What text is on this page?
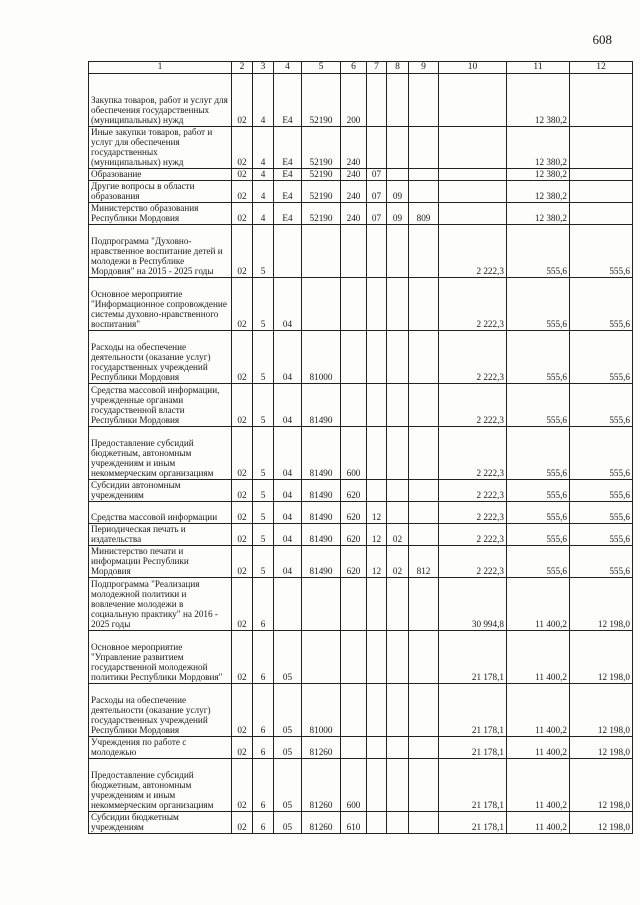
608
1	2	3	4	5	6	7	8	9	10	11	12
Закупка товаров, работ и услуг для обеспечения государственных (муниципальных) нужд	02	4	Е4	52190	200					12 380,2	
Иные закупки товаров, работ и услуг для обеспечения государственных (муниципальных) нужд	02	4	Е4	52190	240					12 380,2	
Образование	02	4	Е4	52190	240	07				12 380,2	
Другие вопросы в области образования	02	4	Е4	52190	240	07	09			12 380,2	
Министерство образования Республики Мордовия	02	4	Е4	52190	240	07	09	809		12 380,2	
Подпрограмма "Духовно-нравственное воспитание детей и молодежи в Республике Мордовия" на 2015 - 2025 годы	02	5							2 222,3	555,6	555,6
Основное мероприятие "Информационное сопровождение системы духовно-нравственного воспитания"	02	5	04						2 222,3	555,6	555,6
Расходы на обеспечение деятельности (оказание услуг) государственных учреждений Республики Мордовия	02	5	04	81000					2 222,3	555,6	555,6
Средства массовой информации, учрежденные органами государственной власти Республики Мордовия	02	5	04	81490					2 222,3	555,6	555,6
Предоставление субсидий бюджетным, автономным учреждениям и иным некоммерческим организациям	02	5	04	81490	600				2 222,3	555,6	555,6
Субсидии автономным учреждениям	02	5	04	81490	620				2 222,3	555,6	555,6
Средства массовой информации	02	5	04	81490	620	12			2 222,3	555,6	555,6
Периодическая печать и издательства	02	5	04	81490	620	12	02		2 222,3	555,6	555,6
Министерство печати и информации Республики Мордовия	02	5	04	81490	620	12	02	812	2 222,3	555,6	555,6
Подпрограмма "Реализация молодежной политики и вовлечение молодежи в социальную практику" на 2016 - 2025 годы	02	6							30 994,8	11 400,2	12 198,0
Основное мероприятие "Управление развитием государственной молодежной политики Республики Мордовия"	02	6	05						21 178,1	11 400,2	12 198,0
Расходы на обеспечение деятельности (оказание услуг) государственных учреждений Республики Мордовия	02	6	05	81000					21 178,1	11 400,2	12 198,0
Учреждения по работе с молодежью	02	6	05	81260					21 178,1	11 400,2	12 198,0
Предоставление субсидий бюджетным, автономным учреждениям и иным некоммерческим организациям	02	6	05	81260	600				21 178,1	11 400,2	12 198,0
Субсидии бюджетным учреждениям	02	6	05	81260	610				21 178,1	11 400,2	12 198,0
